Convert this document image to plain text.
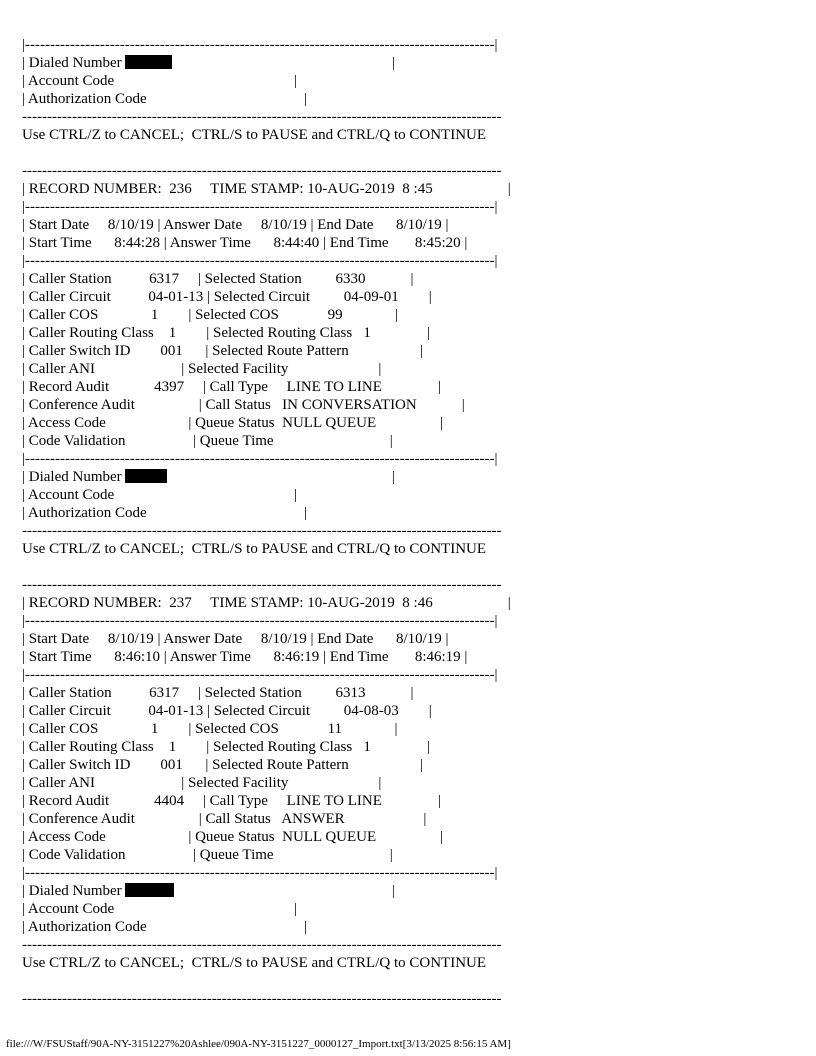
|----------------------------------------------------------------------------------------------|
| Dialed Number	|
| Account Code                                                |
| Authorization Code                                          |
------------------------------------------------------------------------------------------------
Use CTRL/Z to CANCEL;  CTRL/S to PAUSE and CTRL/Q to CONTINUE
------------------------------------------------------------------------------------------------
| RECORD NUMBER:  236     TIME STAMP: 10-AUG-2019  8 :45                    |
|----------------------------------------------------------------------------------------------|
| Start Date     8/10/19 | Answer Date     8/10/19 | End Date      8/10/19 |
| Start Time      8:44:28 | Answer Time      8:44:40 | End Time       8:45:20 |
|----------------------------------------------------------------------------------------------|
| Caller Station          6317     | Selected Station         6330            |
| Caller Circuit          04-01-13 | Selected Circuit         04-09-01        |
| Caller COS              1        | Selected COS             99              |
| Caller Routing Class    1        | Selected Routing Class   1               |
| Caller Switch ID        001      | Selected Route Pattern                   |
| Caller ANI                       | Selected Facility                        |
| Record Audit            4397     | Call Type     LINE TO LINE               |
| Conference Audit                 | Call Status   IN CONVERSATION            |
| Access Code                      | Queue Status  NULL QUEUE                 |
| Code Validation                  | Queue Time                               |
|----------------------------------------------------------------------------------------------|
| Dialed Number	|
| Account Code                                                |
| Authorization Code                                          |
------------------------------------------------------------------------------------------------
Use CTRL/Z to CANCEL;  CTRL/S to PAUSE and CTRL/Q to CONTINUE
------------------------------------------------------------------------------------------------
| RECORD NUMBER:  237     TIME STAMP: 10-AUG-2019  8 :46                    |
|----------------------------------------------------------------------------------------------|
| Start Date     8/10/19 | Answer Date     8/10/19 | End Date      8/10/19 |
| Start Time      8:46:10 | Answer Time      8:46:19 | End Time       8:46:19 |
|----------------------------------------------------------------------------------------------|
| Caller Station          6317     | Selected Station         6313            |
| Caller Circuit          04-01-13 | Selected Circuit         04-08-03        |
| Caller COS              1        | Selected COS             11              |
| Caller Routing Class    1        | Selected Routing Class   1               |
| Caller Switch ID        001      | Selected Route Pattern                   |
| Caller ANI                       | Selected Facility                        |
| Record Audit            4404     | Call Type     LINE TO LINE               |
| Conference Audit                 | Call Status   ANSWER                     |
| Access Code                      | Queue Status  NULL QUEUE                 |
| Code Validation                  | Queue Time                               |
|----------------------------------------------------------------------------------------------|
| Dialed Number	|
| Account Code                                                |
| Authorization Code                                          |
------------------------------------------------------------------------------------------------
Use CTRL/Z to CANCEL;  CTRL/S to PAUSE and CTRL/Q to CONTINUE
------------------------------------------------------------------------------------------------
file:///W/FSUStaff/90A-NY-3151227%20Ashlee/090A-NY-3151227_0000127_Import.txt[3/13/2025 8:56:15 AM]
